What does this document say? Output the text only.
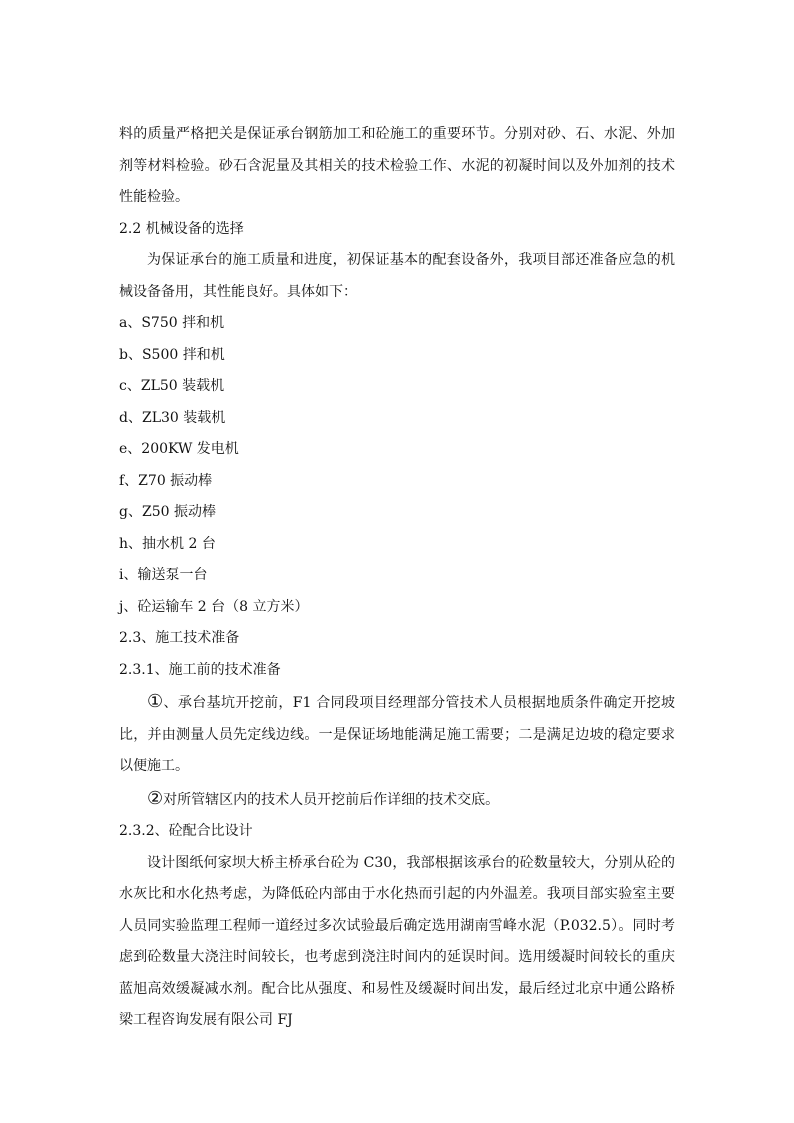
料的质量严格把关是保证承台钢筋加工和砼施工的重要环节。分别对砂、石、水泥、外加剂等材料检验。砂石含泥量及其相关的技术检验工作、水泥的初凝时间以及外加剂的技术性能检验。

2.2 机械设备的选择

为保证承台的施工质量和进度，初保证基本的配套设备外，我项目部还准备应急的机械设备备用，其性能良好。具体如下：

a、S750 拌和机

b、S500 拌和机

c、ZL50 装载机

d、ZL30 装载机

e、200KW 发电机

f、Z70 振动棒

g、Z50 振动棒

h、抽水机 2 台

i、输送泵一台

j、砼运输车 2 台（8 立方米）

2.3、施工技术准备

2.3.1、施工前的技术准备

①、承台基坑开挖前，F1 合同段项目经理部分管技术人员根据地质条件确定开挖坡比，并由测量人员先定线边线。一是保证场地能满足施工需要；二是满足边坡的稳定要求以便施工。

②对所管辖区内的技术人员开挖前后作详细的技术交底。

2.3.2、砼配合比设计

设计图纸何家坝大桥主桥承台砼为 C30，我部根据该承台的砼数量较大，分别从砼的水灰比和水化热考虑，为降低砼内部由于水化热而引起的内外温差。我项目部实验室主要人员同实验监理工程师一道经过多次试验最后确定选用湖南雪峰水泥（P.032.5）。同时考虑到砼数量大浇注时间较长，也考虑到浇注时间内的延误时间。选用缓凝时间较长的重庆蓝旭高效缓凝减水剂。配合比从强度、和易性及缓凝时间出发，最后经过北京中通公路桥梁工程咨询发展有限公司 FJ
